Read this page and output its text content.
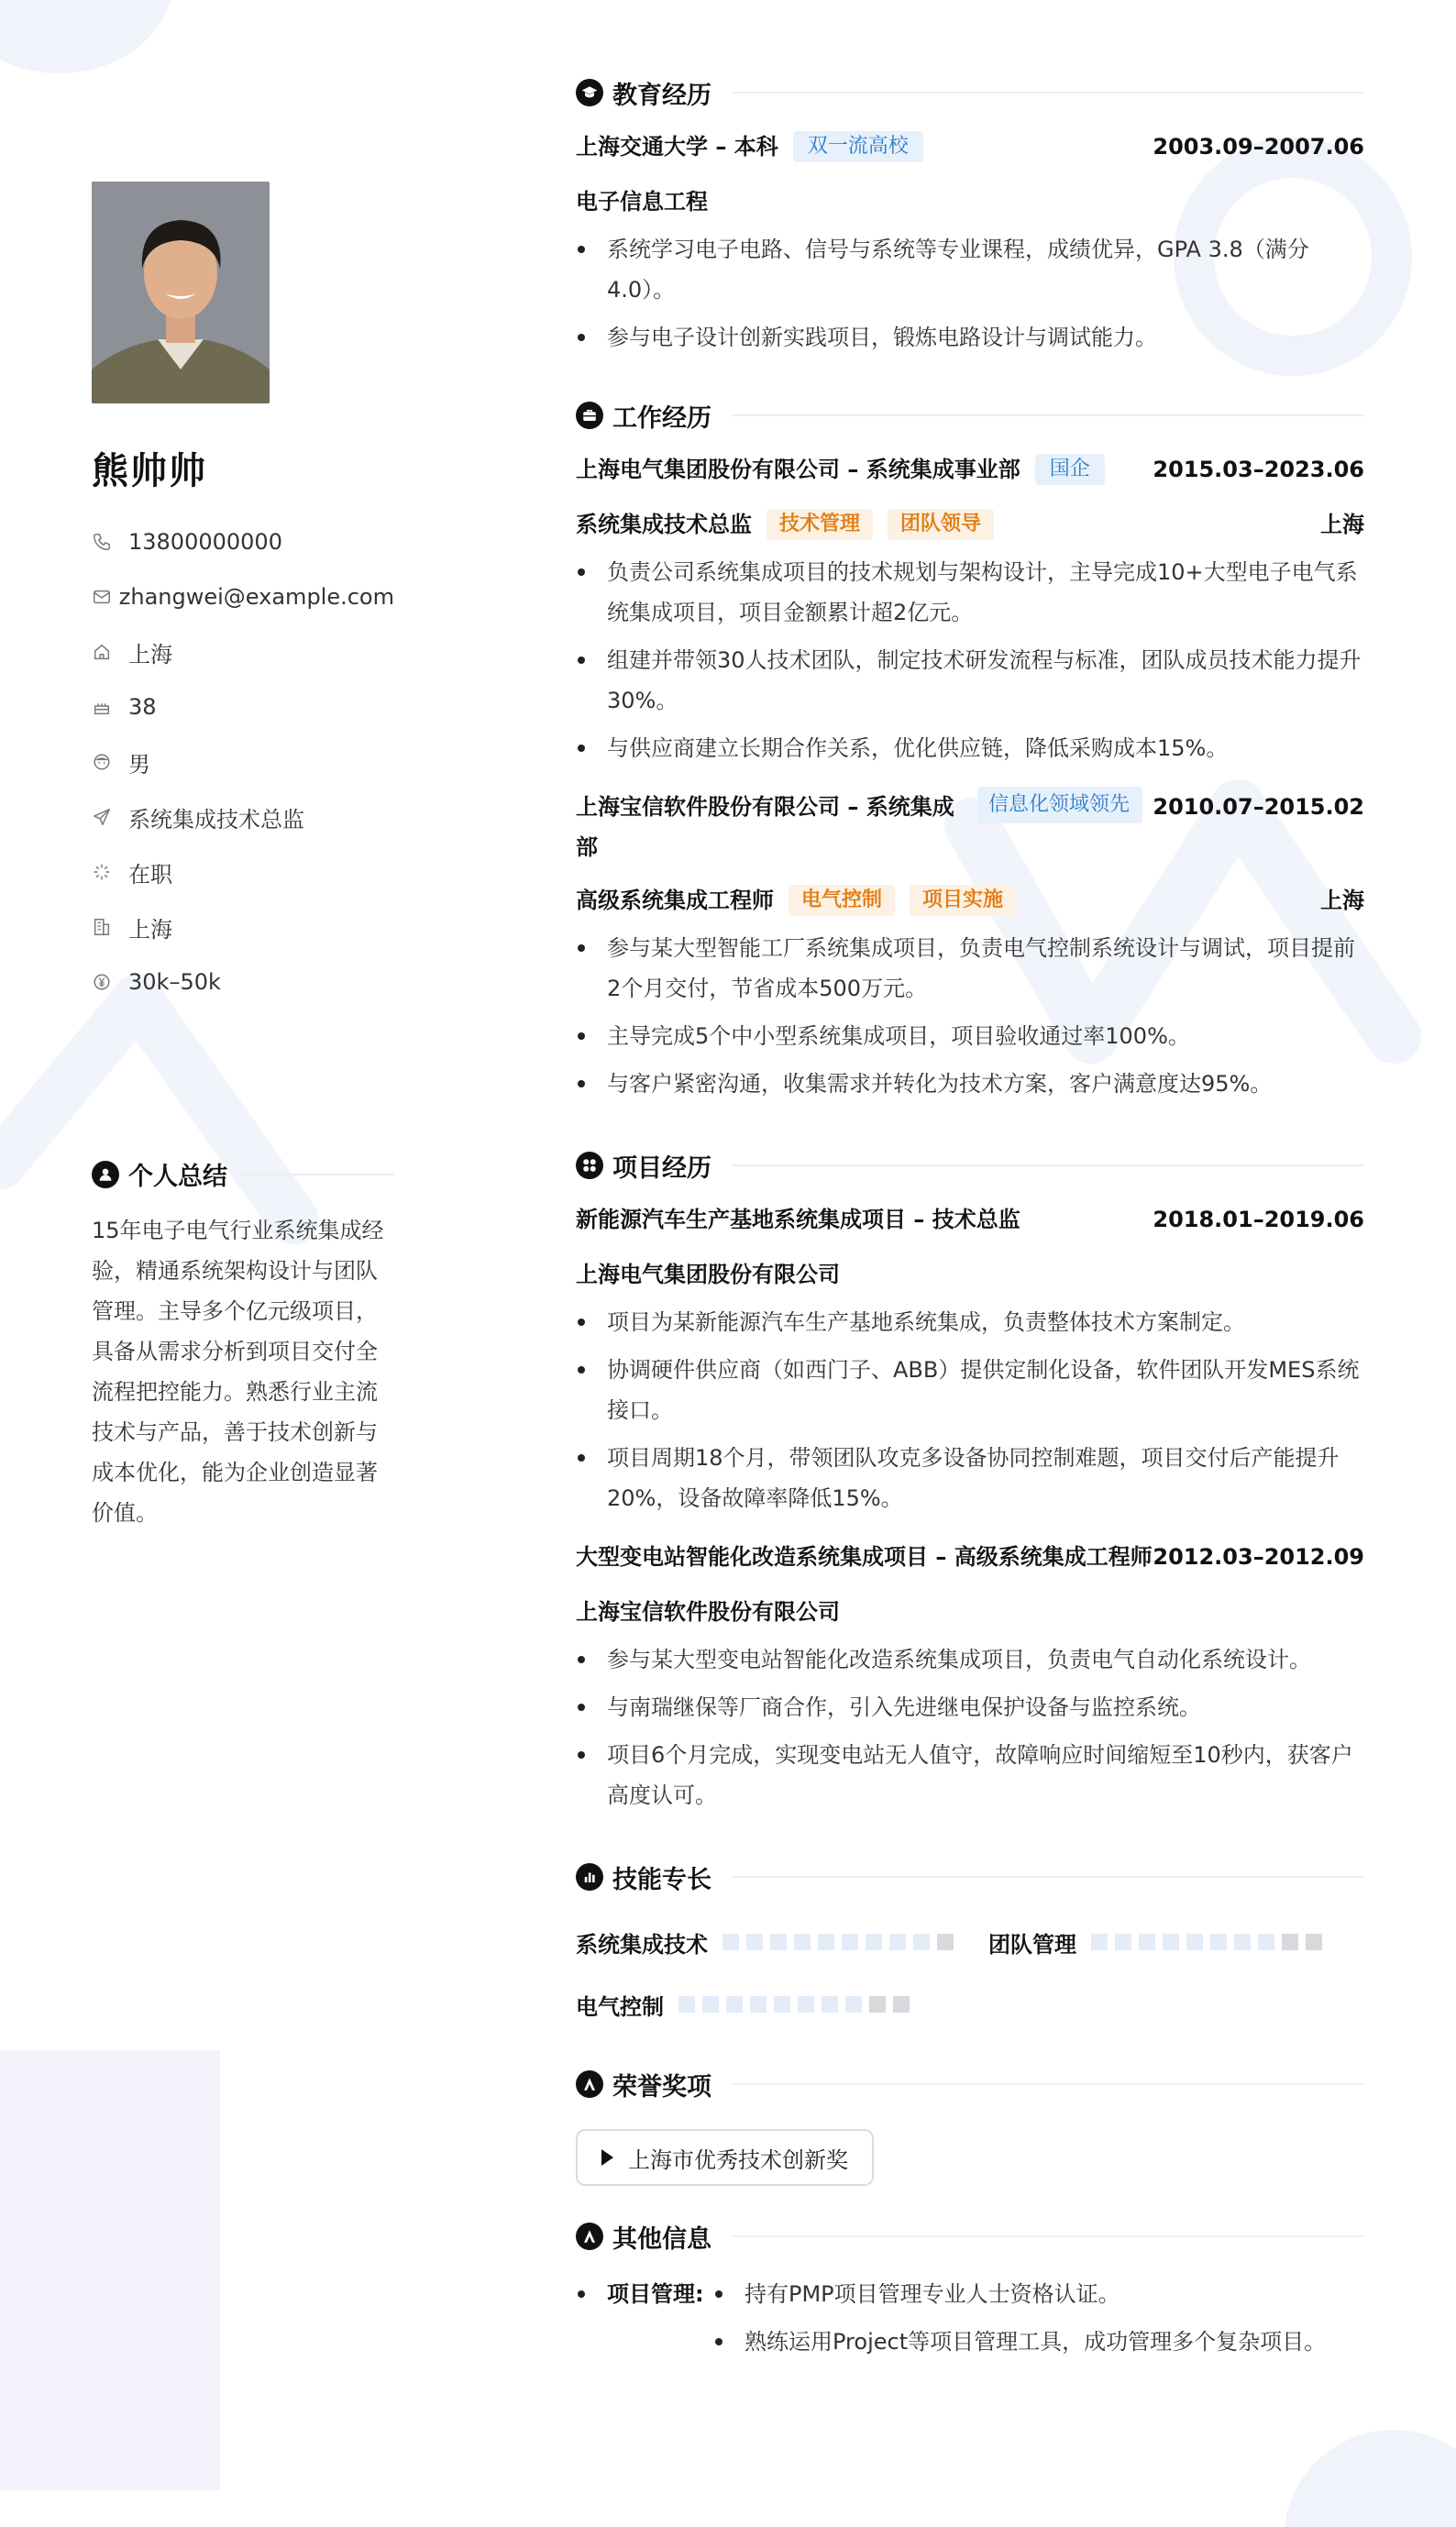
熊帅帅
13800000000
zhangwei@example.com
上海
38
男
系统集成技术总监
在职
上海
30k–50k
个人总结
15年电子电气行业系统集成经验，精通系统架构设计与团队管理。主导多个亿元级项目，具备从需求分析到项目交付全流程把控能力。熟悉行业主流技术与产品，善于技术创新与成本优化，能为企业创造显著价值。
教育经历
上海交通大学 – 本科	双一流高校	2003.09–2007.06
电子信息工程
系统学习电子电路、信号与系统等专业课程，成绩优异，GPA 3.8（满分4.0）。
参与电子设计创新实践项目，锻炼电路设计与调试能力。
工作经历
上海电气集团股份有限公司 – 系统集成事业部	国企	2015.03–2023.06
系统集成技术总监	技术管理	团队领导	上海
负责公司系统集成项目的技术规划与架构设计，主导完成10+大型电子电气系统集成项目，项目金额累计超2亿元。
组建并带领30人技术团队，制定技术研发流程与标准，团队成员技术能力提升30%。
与供应商建立长期合作关系，优化供应链，降低采购成本15%。
上海宝信软件股份有限公司 – 系统集成部
信息化领域领先	2010.07–2015.02
高级系统集成工程师	电气控制	项目实施	上海
参与某大型智能工厂系统集成项目，负责电气控制系统设计与调试，项目提前2个月交付，节省成本500万元。
主导完成5个中小型系统集成项目，项目验收通过率100%。
与客户紧密沟通，收集需求并转化为技术方案，客户满意度达95%。
项目经历
新能源汽车生产基地系统集成项目 – 技术总监	2018.01–2019.06
上海电气集团股份有限公司
项目为某新能源汽车生产基地系统集成，负责整体技术方案制定。
协调硬件供应商（如西门子、ABB）提供定制化设备，软件团队开发MES系统接口。
项目周期18个月，带领团队攻克多设备协同控制难题，项目交付后产能提升20%，设备故障率降低15%。
大型变电站智能化改造系统集成项目 – 高级系统集成工程师 2012.03–2012.09
上海宝信软件股份有限公司
参与某大型变电站智能化改造系统集成项目，负责电气自动化系统设计。
与南瑞继保等厂商合作，引入先进继电保护设备与监控系统。
项目6个月完成，实现变电站无人值守，故障响应时间缩短至10秒内，获客户高度认可。
技能专长
系统集成技术	团队管理
电气控制
荣誉奖项
上海市优秀技术创新奖
其他信息
项目管理:	持有PMP项目管理专业人士资格认证。
熟练运用Project等项目管理工具，成功管理多个复杂项目。
